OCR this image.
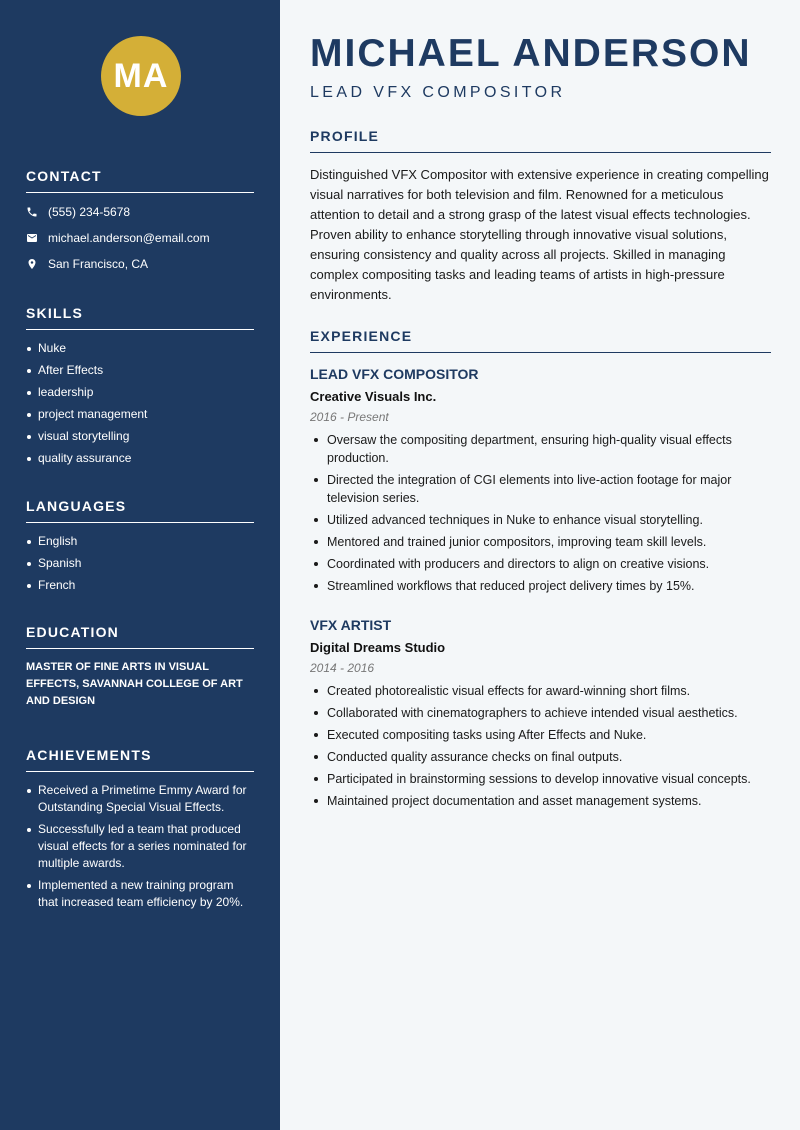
MA
CONTACT
(555) 234-5678
michael.anderson@email.com
San Francisco, CA
SKILLS
Nuke
After Effects
leadership
project management
visual storytelling
quality assurance
LANGUAGES
English
Spanish
French
EDUCATION
MASTER OF FINE ARTS IN VISUAL EFFECTS, SAVANNAH COLLEGE OF ART AND DESIGN
ACHIEVEMENTS
Received a Primetime Emmy Award for Outstanding Special Visual Effects.
Successfully led a team that produced visual effects for a series nominated for multiple awards.
Implemented a new training program that increased team efficiency by 20%.
MICHAEL ANDERSON
LEAD VFX COMPOSITOR
PROFILE
Distinguished VFX Compositor with extensive experience in creating compelling visual narratives for both television and film. Renowned for a meticulous attention to detail and a strong grasp of the latest visual effects technologies. Proven ability to enhance storytelling through innovative visual solutions, ensuring consistency and quality across all projects. Skilled in managing complex compositing tasks and leading teams of artists in high-pressure environments.
EXPERIENCE
LEAD VFX COMPOSITOR
Creative Visuals Inc.
2016 - Present
Oversaw the compositing department, ensuring high-quality visual effects production.
Directed the integration of CGI elements into live-action footage for major television series.
Utilized advanced techniques in Nuke to enhance visual storytelling.
Mentored and trained junior compositors, improving team skill levels.
Coordinated with producers and directors to align on creative visions.
Streamlined workflows that reduced project delivery times by 15%.
VFX ARTIST
Digital Dreams Studio
2014 - 2016
Created photorealistic visual effects for award-winning short films.
Collaborated with cinematographers to achieve intended visual aesthetics.
Executed compositing tasks using After Effects and Nuke.
Conducted quality assurance checks on final outputs.
Participated in brainstorming sessions to develop innovative visual concepts.
Maintained project documentation and asset management systems.
